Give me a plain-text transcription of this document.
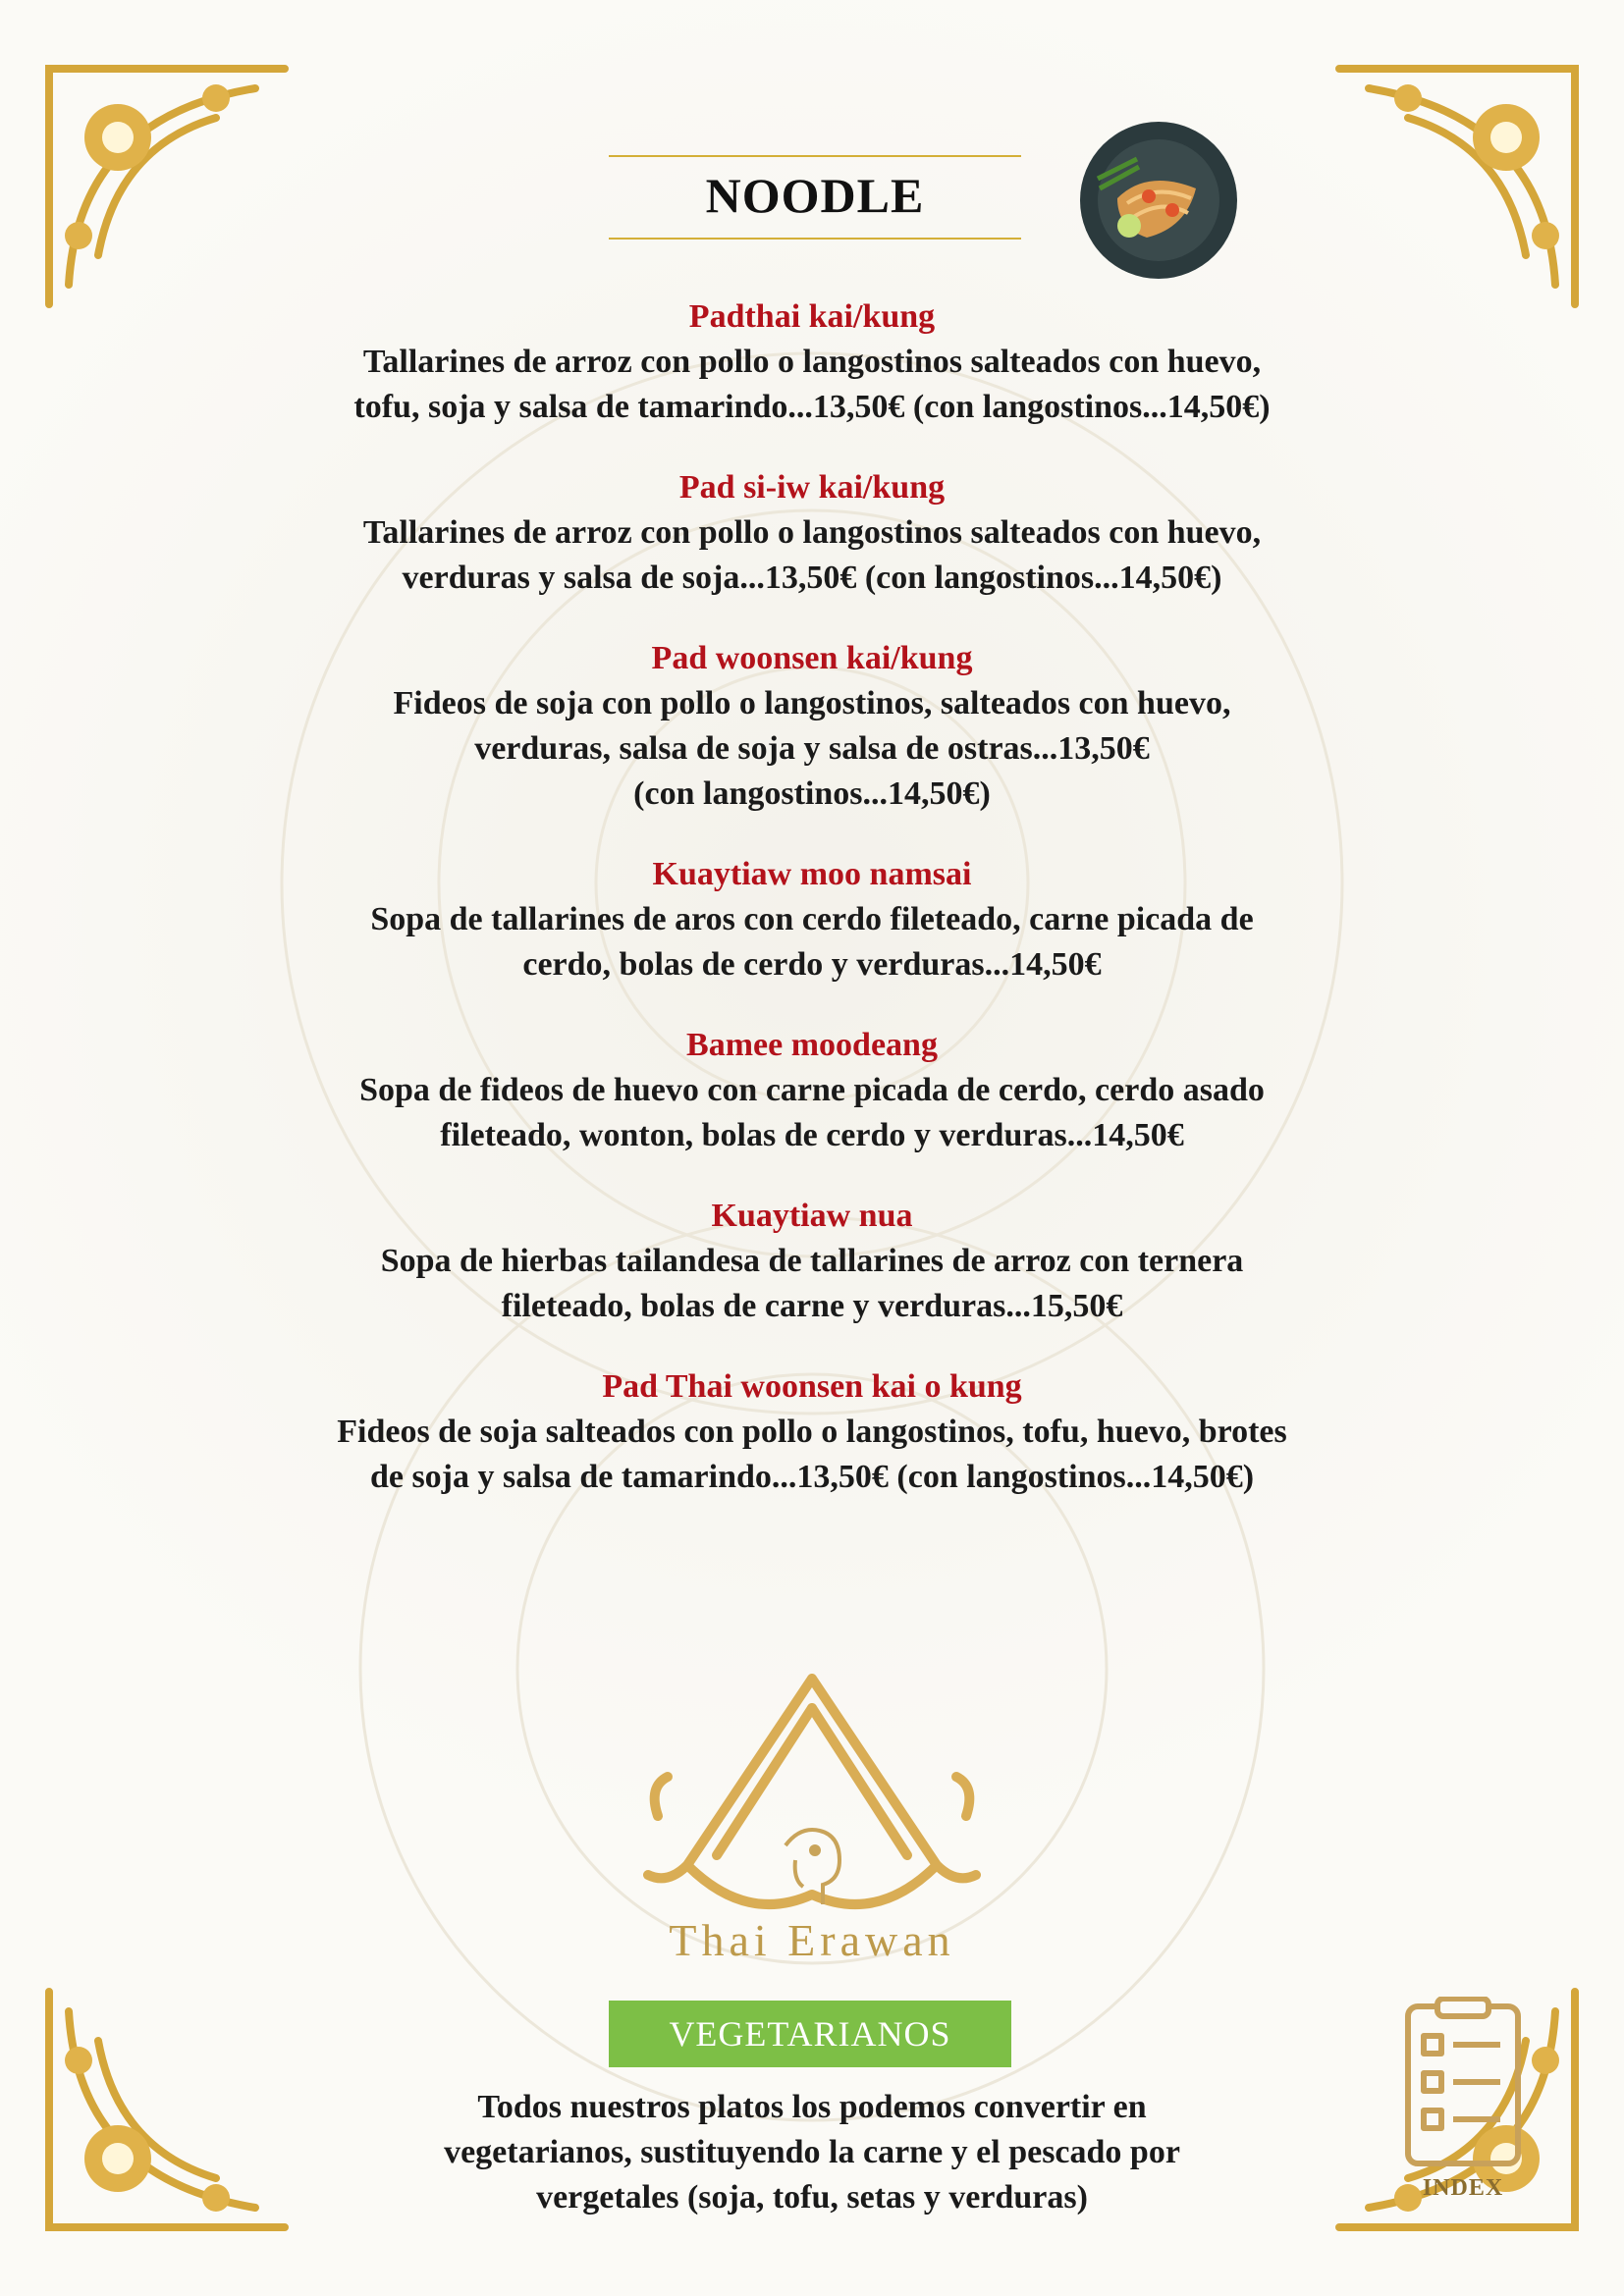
NOODLE
Padthai kai/kung
Tallarines de arroz con pollo o langostinos salteados con huevo,
tofu, soja y salsa de tamarindo...13,50€ (con langostinos...14,50€)
Pad si-iw kai/kung
Tallarines de arroz con pollo o langostinos salteados con huevo,
verduras y salsa de soja...13,50€ (con langostinos...14,50€)
Pad woonsen kai/kung
Fideos de soja con pollo o langostinos, salteados con huevo,
verduras, salsa de soja y salsa de ostras...13,50€
(con langostinos...14,50€)
Kuaytiaw moo namsai
Sopa de tallarines de aros con cerdo fileteado, carne picada de
cerdo, bolas de cerdo y verduras...14,50€
Bamee moodeang
Sopa de fideos de huevo con carne picada de cerdo, cerdo asado
fileteado, wonton, bolas de cerdo y verduras...14,50€
Kuaytiaw nua
Sopa de hierbas tailandesa de tallarines de arroz con ternera
fileteado, bolas de carne y verduras...15,50€
Pad Thai woonsen kai o kung
Fideos de soja salteados con pollo o langostinos, tofu, huevo, brotes
de soja y salsa de tamarindo...13,50€ (con langostinos...14,50€)
Thai Erawan
VEGETARIANOS
Todos nuestros platos los podemos convertir en
vegetarianos, sustituyendo la carne y el pescado por
vergetales (soja, tofu, setas y verduras)	INDEX
